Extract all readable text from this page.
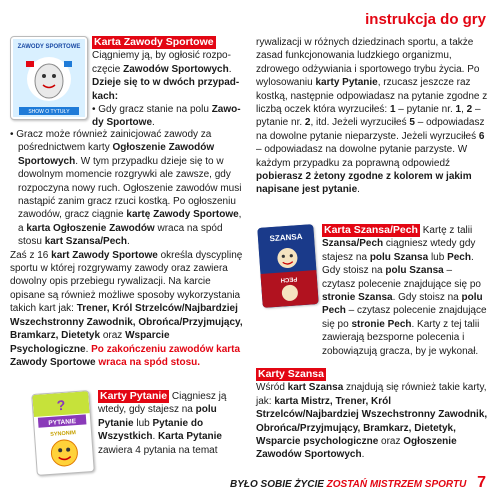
instrukcja do gry
ZAWODY SPORTOWE
SHOW O TYTUŁY

Karta Zawody Sportowe

Ciągniemy ją, by ogłosić rozpo-

częcie Zawodów Sportowych.

Dzieje się to w dwóch przypad-

kach:

• Gdy gracz stanie na polu Zawo-

dy Sportowe.

• Gracz może również zainicjować zawody za pośrednictwem karty Ogłoszenie Zawodów Sportowych. W tym przypadku dzieje się to w dowolnym momencie rozgrywki ale zawsze, gdy rozpoczyna nowy ruch. Ogłoszenie zawodów musi nastąpić zanim gracz rzuci kostką. Po ogłoszeniu zawodów, gracz ciągnie kartę Zawody Sportowe, a karta Ogłoszenie Zawodów wraca na spód stosu kart Szansa/Pech.

Zaś z 16 kart Zawody Sportowe określa dyscyplinę sportu w której rozgrywamy zawody oraz zawiera dowolny opis przebiegu rywalizacji. Na karcie opisane są również możliwe sposoby wykorzystania takich kart jak: Trener, Król Strzelców/Najbardziej Wszechstronny Zawodnik, Obrońca/Przyjmujący, Bramkarz, Dietetyk oraz Wsparcie Psychologiczne. Po zakończeniu zawodów karta Zawody Sportowe wraca na spód stosu.

?
PYTANIE
SYNONIM

Karty Pytanie Ciągniesz ją wtedy, gdy stajesz na polu Pytanie lub Pytanie do Wszystkich. Karta Pytanie zawiera 4 pytania na temat

rywalizacji w różnych dziedzinach sportu, a także zasad funkcjonowania ludzkiego organizmu, zdrowego odżywiania i sportowego trybu życia. Po wylosowaniu karty Pytanie, rzucasz jeszcze raz kostką, następnie odpowiadasz na pytanie zgodne z liczbą oczek która wyrzuciłeś: 1 – pytanie nr. 1, 2 – pytanie nr. 2, itd. Jeżeli wyrzuciłeś 5 – odpowiadasz na dowolne pytanie nieparzyste. Jeżeli wyrzuciłeś 6 – odpowiadasz na dowolne pytanie parzyste. W każdym przypadku za poprawną odpowiedź pobierasz 2 żetony zgodne z kolorem w jakim napisane jest pytanie.

SZANSA
PECH

Karta Szansa/Pech Kartę z talii Szansa/Pech ciągniesz wtedy gdy stajesz na polu Szansa lub Pech. Gdy stoisz na polu Szansa – czytasz polecenie znajdujące się po stronie Szansa. Gdy stoisz na polu Pech – czytasz polecenie znajdujące się po stronie Pech. Karty z tej talii zawierają bezsporne polecenia i zobowiązują gracza, by je wykonał.

Karty Szansa

Wśród kart Szansa znajdują się również takie karty, jak: karta Mistrz, Trener, Król Strzelców/Najbardziej Wszechstronny Zawodnik, Obrońca/Przyjmujący, Bramkarz, Dietetyk, Wsparcie psychologiczne oraz Ogłoszenie Zawodów Sportowych.

BYŁO SOBIE ŻYCIE ZOSTAŃ MISTRZEM SPORTU 7
